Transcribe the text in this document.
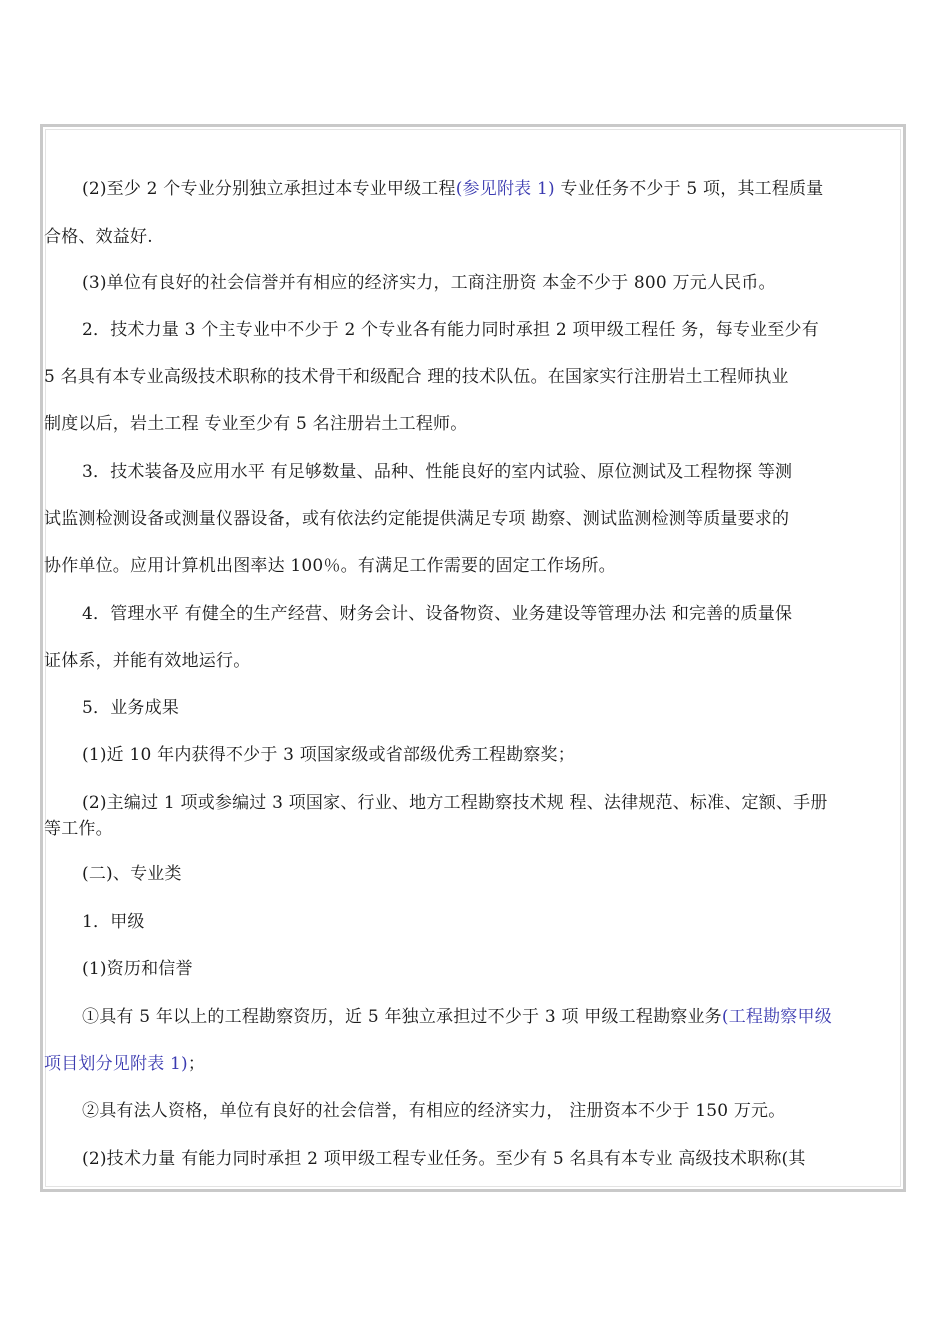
(2)至少 2 个专业分别独立承担过本专业甲级工程(参见附表 1) 专业任务不少于 5 项，其工程质量
合格、效益好.
(3)单位有良好的社会信誉并有相应的经济实力，工商注册资 本金不少于 800 万元人民币。
2．技术力量 3 个主专业中不少于 2 个专业各有能力同时承担 2 项甲级工程任 务，每专业至少有
5 名具有本专业高级技术职称的技术骨干和级配合 理的技术队伍。在国家实行注册岩土工程师执业
制度以后，岩土工程 专业至少有 5 名注册岩土工程师。
3．技术装备及应用水平 有足够数量、品种、性能良好的室内试验、原位测试及工程物探 等测
试监测检测设备或测量仪器设备，或有依法约定能提供满足专项 勘察、测试监测检测等质量要求的
协作单位。应用计算机出图率达 100％。有满足工作需要的固定工作场所。
4．管理水平 有健全的生产经营、财务会计、设备物资、业务建设等管理办法 和完善的质量保
证体系，并能有效地运行。
5．业务成果
(1)近 10 年内获得不少于 3 项国家级或省部级优秀工程勘察奖；
(2)主编过 1 项或参编过 3 项国家、行业、地方工程勘察技术规 程、法律规范、标准、定额、手册
等工作。
(二)、专业类
1．甲级
(1)资历和信誉
①具有 5 年以上的工程勘察资历，近 5 年独立承担过不少于 3 项 甲级工程勘察业务(工程勘察甲级
项目划分见附表 1)；
②具有法人资格，单位有良好的社会信誉，有相应的经济实力， 注册资本不少于 150 万元。
(2)技术力量 有能力同时承担 2 项甲级工程专业任务。至少有 5 名具有本专业 高级技术职称(其
